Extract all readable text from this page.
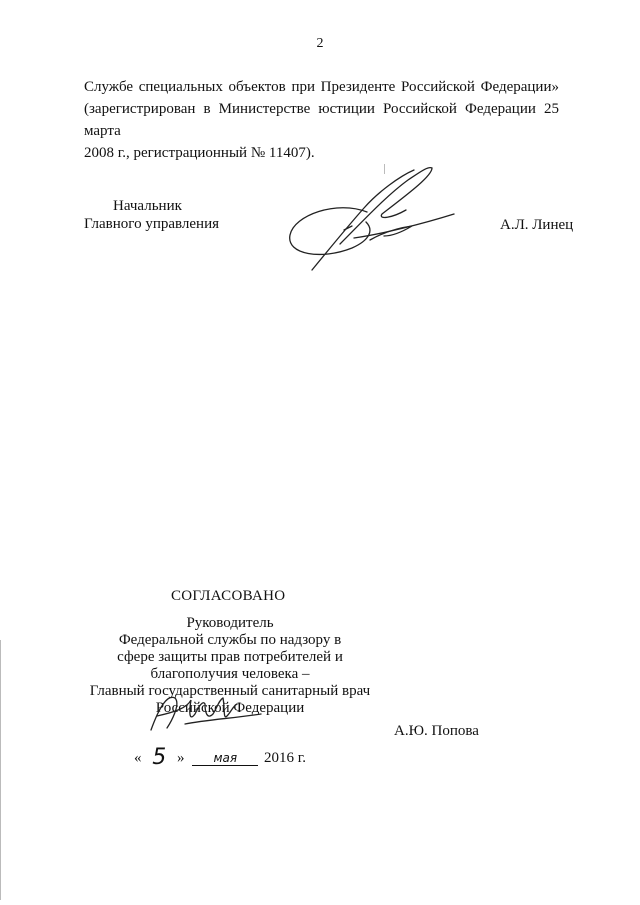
2
Службе специальных объектов при Президенте Российской Федерации»
(зарегистрирован в Министерстве юстиции Российской Федерации 25 марта
2008 г., регистрационный № 11407).
Начальник
Главного управления	А.Л. Линец
СОГЛАСОВАНО
Руководитель
Федеральной службы по надзору в
сфере защиты прав потребителей и
благополучия человека –
Главный государственный санитарный врач
Российской Федерации
А.Ю. Попова
« 5 » мая 2016 г.
